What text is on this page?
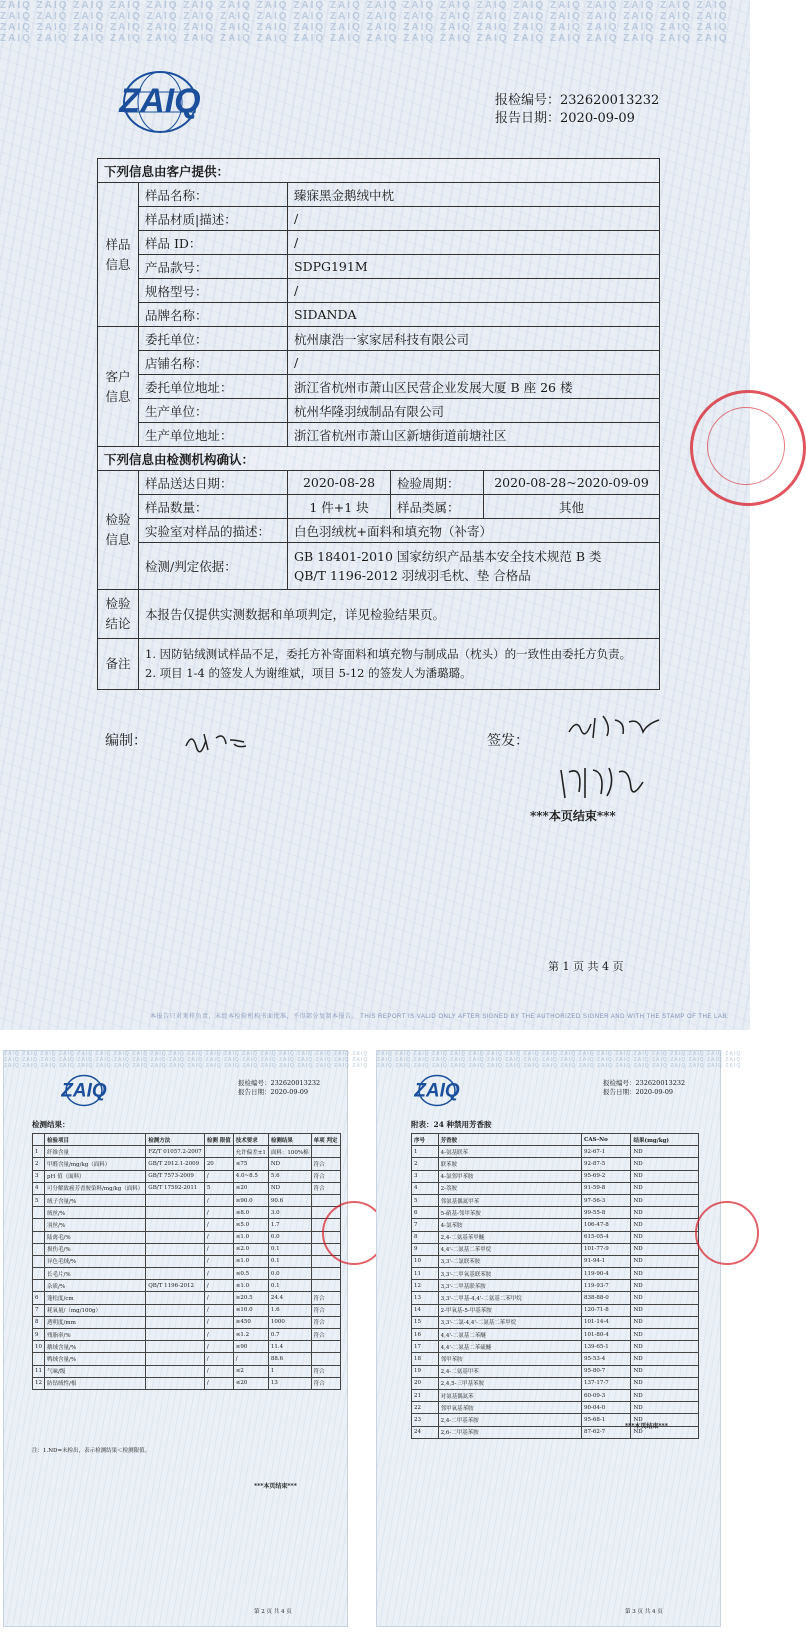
ZAIQ ZAIQ ZAIQ ZAIQ ZAIQ ZAIQ ZAIQ ZAIQ ZAIQ ZAIQ ZAIQ ZAIQ ZAIQ ZAIQ ZAIQ ZAIQ ZAIQ ZAIQ ZAIQ ZAIQ
ZAIQ ZAIQ ZAIQ ZAIQ ZAIQ ZAIQ ZAIQ ZAIQ ZAIQ ZAIQ ZAIQ ZAIQ ZAIQ ZAIQ ZAIQ ZAIQ ZAIQ ZAIQ ZAIQ ZAIQ
ZAIQ ZAIQ ZAIQ ZAIQ ZAIQ ZAIQ ZAIQ ZAIQ ZAIQ ZAIQ ZAIQ ZAIQ ZAIQ ZAIQ ZAIQ ZAIQ ZAIQ ZAIQ ZAIQ ZAIQ
ZAIQ ZAIQ ZAIQ ZAIQ ZAIQ ZAIQ ZAIQ ZAIQ ZAIQ ZAIQ ZAIQ ZAIQ ZAIQ ZAIQ ZAIQ ZAIQ ZAIQ ZAIQ ZAIQ ZAIQ
ZAIQ	报检编号： 232620013232
报告日期： 2020-09-09
下列信息由客户提供：				
样品
信息	样品名称：	臻寐黑金鹅绒中枕		
	样品材质|描述：	/		
	样品 ID：	/		
	产品款号：	SDPG191M		
	规格型号：	/		
	品牌名称：	SIDANDA		
客户
信息	委托单位：	杭州康浩一家家居科技有限公司		
	店铺名称：	/		
	委托单位地址：	浙江省杭州市萧山区民营企业发展大厦 B 座 26 楼		
	生产单位：	杭州华隆羽绒制品有限公司		
	生产单位地址：	浙江省杭州市萧山区新塘街道前塘社区		
下列信息由检测机构确认：				
检验
信息	样品送达日期：	2020-08-28	检验周期：	2020-08-28~2020-09-09
	样品数量：	1 件+1 块	样品类属：	其他
	实验室对样品的描述：	白色羽绒枕+面料和填充物（补寄）		
	检测/判定依据：	GB 18401-2010 国家纺织产品基本安全技术规范 B 类
QB/T 1196-2012 羽绒羽毛枕、垫 合格品		

检验
结论	本报告仅提供实测数据和单项判定，详见检验结果页。			
备注	1. 因防钻绒测试样品不足，委托方补寄面料和填充物与制成品（枕头）的一致性由委托方负责。
2. 项目 1-4 的签发人为谢维斌，项目 5-12 的签发人为潘璐璐。			
编制：	签发：
***本页结束***
第 1 页 共 4 页
本报告只对来样负责，未经本检验机构书面批准，不得部分复制本报告。 THIS REPORT IS VALID ONLY AFTER SIGNED BY THE AUTHORIZED SIGNER AND WITH THE STAMP OF THE LAB.
ZAIQ ZAIQ ZAIQ ZAIQ ZAIQ ZAIQ ZAIQ ZAIQ ZAIQ ZAIQ ZAIQ ZAIQ ZAIQ ZAIQ ZAIQ ZAIQ ZAIQ ZAIQ ZAIQ ZAIQ
ZAIQ ZAIQ ZAIQ ZAIQ ZAIQ ZAIQ ZAIQ ZAIQ ZAIQ ZAIQ ZAIQ ZAIQ ZAIQ ZAIQ ZAIQ ZAIQ ZAIQ ZAIQ ZAIQ ZAIQ
ZAIQ ZAIQ ZAIQ ZAIQ ZAIQ ZAIQ ZAIQ ZAIQ ZAIQ ZAIQ ZAIQ ZAIQ ZAIQ ZAIQ ZAIQ ZAIQ ZAIQ ZAIQ ZAIQ ZAIQ
ZAIQ	报检编号：232620013232
报告日期：2020-09-09
检测结果：
	检验项目	检测方法	检测 限值	技术要求	检测结果	单项 判定
1	纤维含量	FZ/T 01057.2-2007		允许偏差±1	面料：100%棉	
2	甲醛含量/mg/kg（面料）	GB/T 2912.1-2009	20	≤75	ND	符合
3	pH 值（面料）	GB/T 7573-2009	/	4.0~8.5	5.6	符合
4	可分解致癌芳香胺染料/mg/kg（面料）	GB/T 17592-2011	5	≤20	ND	符合
5	绒子含量/%		/	≥90.0	90.6	
	绒丝/%		/	≤8.0	3.0	
	羽丝/%		/	≤5.0	1.7	
	陆禽毛/%		/	≤1.0	0.0	
	损伤毛/%		/	≤2.0	0.1	
	异色毛绒/%		/	≤1.0	0.1	
	长毛片/%		/	≤0.5	0.0	
	杂质/%	QB/T 1196-2012	/	≤1.0	0.1	
6	蓬松度/cm		/	≥20.5	24.4	符合
7	耗氧量/（mg/100g）		/	≤10.0	1.6	符合
8	透明度/mm		/	≥450	1000	符合
9	残脂率/%		/	≤1.2	0.7	符合
10	鹅绒含量/%		/	≥90	11.4	
	鸭绒含量/%		/	/	88.6	
11	气味/级		/	≤2	1	符合
12	防钻绒性/根		/	≤20	13	符合
注：1.ND=未检出，表示检测结果＜检测限值。
***本页结束***
第 2 页 共 4 页
ZAIQ ZAIQ ZAIQ ZAIQ ZAIQ ZAIQ ZAIQ ZAIQ ZAIQ ZAIQ ZAIQ ZAIQ ZAIQ ZAIQ ZAIQ ZAIQ ZAIQ ZAIQ ZAIQ ZAIQ
ZAIQ ZAIQ ZAIQ ZAIQ ZAIQ ZAIQ ZAIQ ZAIQ ZAIQ ZAIQ ZAIQ ZAIQ ZAIQ ZAIQ ZAIQ ZAIQ ZAIQ ZAIQ ZAIQ ZAIQ
ZAIQ ZAIQ ZAIQ ZAIQ ZAIQ ZAIQ ZAIQ ZAIQ ZAIQ ZAIQ ZAIQ ZAIQ ZAIQ ZAIQ ZAIQ ZAIQ ZAIQ ZAIQ ZAIQ ZAIQ
ZAIQ	报检编号：232620013232
报告日期：2020-09-09
附表：24 种禁用芳香胺
序号	芳香胺	CAS-No	结果(mg/kg)
1	4-氨基联苯	92-67-1	ND
2	联苯胺	92-87-5	ND
3	4-氯邻甲苯胺	95-69-2	ND
4	2-萘胺	91-59-8	ND
5	邻氨基偶氮甲苯	97-56-3	ND
6	5-硝基-邻甲苯胺	99-55-8	ND
7	4-氯苯胺	106-47-8	ND
8	2,4-二氨基苯甲醚	615-05-4	ND
9	4,4'-二氨基二苯甲烷	101-77-9	ND
10	3,3'-二氯联苯胺	91-94-1	ND
11	3,3'-二甲氧基联苯胺	119-90-4	ND
12	3,3'-二甲基联苯胺	119-93-7	ND
13	3,3'-二甲基-4,4'-二氨基二苯甲烷	838-88-0	ND
14	2-甲氧基-5-甲基苯胺	120-71-8	ND
15	3,3'-二氯-4,4'-二氨基二苯甲烷	101-14-4	ND
16	4,4'-二氨基二苯醚	101-80-4	ND
17	4,4'-二氨基二苯硫醚	139-65-1	ND
18	邻甲苯胺	95-53-4	ND
19	2,4-二氨基甲苯	95-80-7	ND
20	2,4,5-三甲基苯胺	137-17-7	ND
21	对氨基偶氮苯	60-09-3	ND
22	邻甲氧基苯胺	90-04-0	ND
23	2,4-二甲基苯胺	95-68-1	ND
24	2,6-二甲基苯胺	87-62-7	ND
***本页结束***
第 3 页 共 4 页
